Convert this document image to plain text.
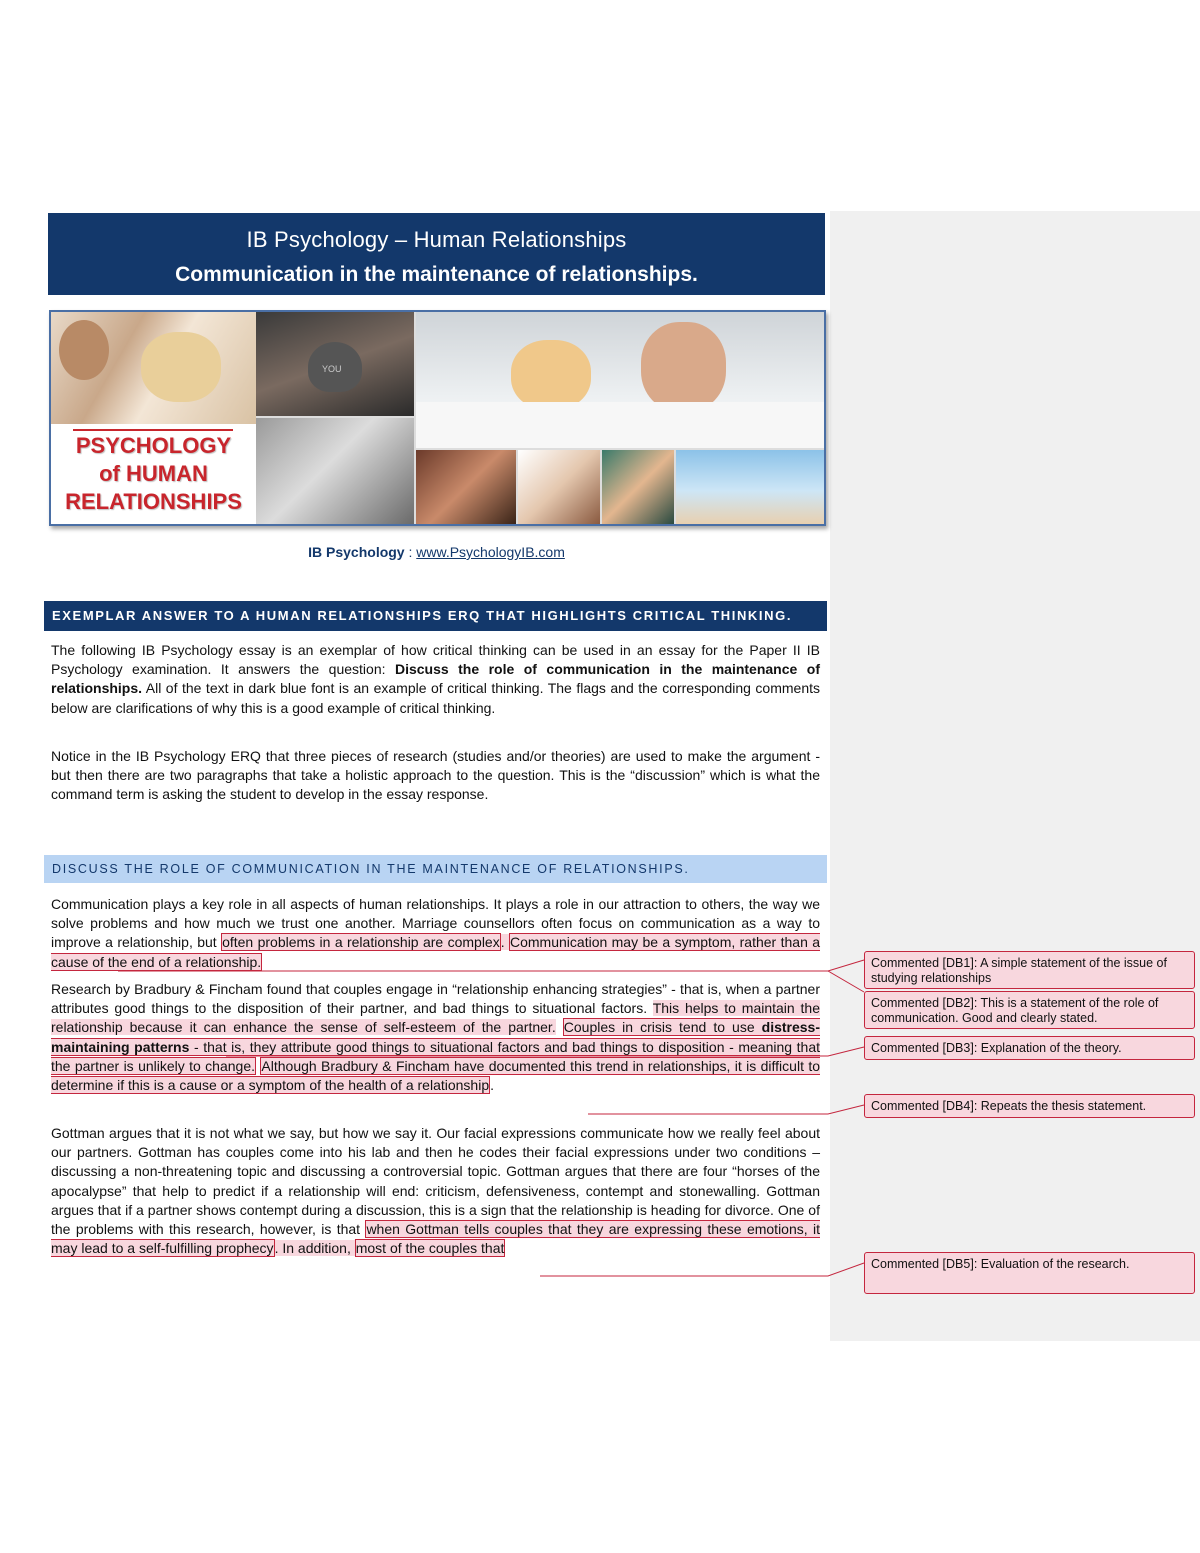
IB Psychology – Human Relationships
Communication in the maintenance of relationships.
PSYCHOLOGY
of HUMAN
RELATIONSHIPS
YOU
IB Psychology : www.PsychologyIB.com
EXEMPLAR ANSWER TO A HUMAN RELATIONSHIPS ERQ THAT HIGHLIGHTS CRITICAL THINKING.
The following IB Psychology essay is an exemplar of how critical thinking can be used in an essay for the Paper II IB Psychology examination. It answers the question: Discuss the role of communication in the maintenance of relationships. All of the text in dark blue font is an example of critical thinking. The flags and the corresponding comments below are clarifications of why this is a good example of critical thinking.
Notice in the IB Psychology ERQ that three pieces of research (studies and/or theories) are used to make the argument - but then there are two paragraphs that take a holistic approach to the question. This is the “discussion” which is what the command term is asking the student to develop in the essay response.
DISCUSS THE ROLE OF COMMUNICATION IN THE MAINTENANCE OF RELATIONSHIPS.
Communication plays a key role in all aspects of human relationships. It plays a role in our attraction to others, the way we solve problems and how much we trust one another. Marriage counsellors often focus on communication as a way to improve a relationship, but often problems in a relationship are complex. Communication may be a symptom, rather than a cause of the end of a relationship.
Research by Bradbury & Fincham found that couples engage in “relationship enhancing strategies” - that is, when a partner attributes good things to the disposition of their partner, and bad things to situational factors. This helps to maintain the relationship because it can enhance the sense of self-esteem of the partner. Couples in crisis tend to use distress-maintaining patterns - that is, they attribute good things to situational factors and bad things to disposition - meaning that the partner is unlikely to change. Although Bradbury & Fincham have documented this trend in relationships, it is difficult to determine if this is a cause or a symptom of the health of a relationship.
Gottman argues that it is not what we say, but how we say it. Our facial expressions communicate how we really feel about our partners. Gottman has couples come into his lab and then he codes their facial expressions under two conditions – discussing a non-threatening topic and discussing a controversial topic. Gottman argues that there are four “horses of the apocalypse” that help to predict if a relationship will end: criticism, defensiveness, contempt and stonewalling. Gottman argues that if a partner shows contempt during a discussion, this is a sign that the relationship is heading for divorce. One of the problems with this research, however, is that when Gottman tells couples that they are expressing these emotions, it may lead to a self-fulfilling prophecy. In addition, most of the couples that
Commented [DB1]: A simple statement of the issue of studying relationships
Commented [DB2]: This is a statement of the role of communication. Good and clearly stated.
Commented [DB3]: Explanation of the theory.
Commented [DB4]: Repeats the thesis statement.
Commented [DB5]: Evaluation of the research.
